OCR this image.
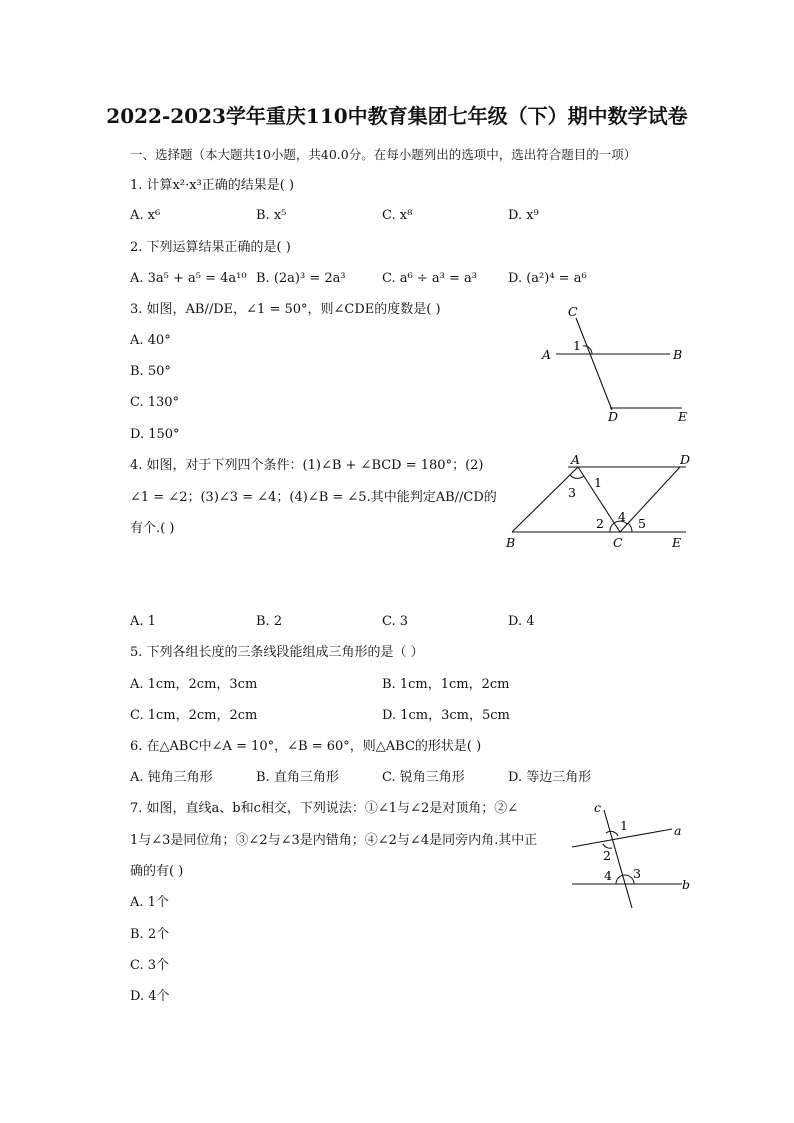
2022-2023学年重庆110中教育集团七年级（下）期中数学试卷
一、选择题（本大题共10小题，共40.0分。在每小题列出的选项中，选出符合题目的一项）
1. 计算x²·x³正确的结果是( )
A. x⁶	B. x⁵	C. x⁸	D. x⁹
2. 下列运算结果正确的是( )
A. 3a⁵ + a⁵ = 4a¹⁰ B. (2a)³ = 2a³	C. a⁶ ÷ a³ = a³ D. (a²)⁴ = a⁶
3. 如图，AB//DE，∠1 = 50°，则∠CDE的度数是( )
A. 40°
B. 50°
C. 130°
D. 150°
C
A	B
D	E
1
4. 如图，对于下列四个条件：(1)∠B + ∠BCD = 180°；(2)
∠1 = ∠2；(3)∠3 = ∠4；(4)∠B = ∠5.其中能判定AB//CD的
有个.( )
A	D
B	C	E
1
2
3
4 5
A. 1	B. 2	C. 3	D. 4
5. 下列各组长度的三条线段能组成三角形的是（ ）
A. 1cm，2cm，3cm	B. 1cm，1cm，2cm
C. 1cm，2cm，2cm	D. 1cm，3cm，5cm
6. 在△ABC中∠A = 10°，∠B = 60°，则△ABC的形状是( )
A. 钝角三角形	B. 直角三角形	C. 锐角三角形	D. 等边三角形
7. 如图，直线a、b和c相交，下列说法：①∠1与∠2是对顶角；②∠
1与∠3是同位角；③∠2与∠3是内错角；④∠2与∠4是同旁内角.其中正
确的有( )
c
a
b
1
2
3
4
A. 1个
B. 2个
C. 3个
D. 4个
